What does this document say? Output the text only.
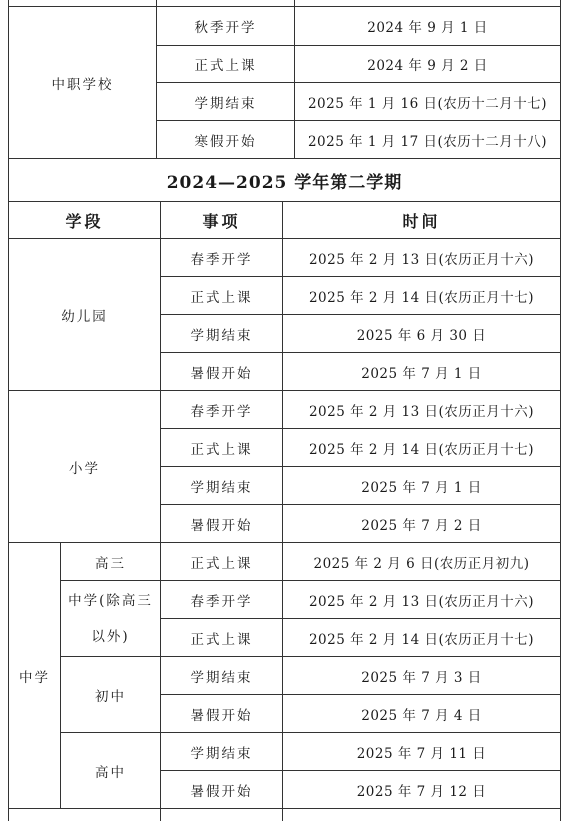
中职学校	秋季开学	2024 年 9 月 1 日
	正式上课	2024 年 9 月 2 日
	学期结束	2025 年 1 月 16 日(农历十二月十七)
	寒假开始	2025 年 1 月 17 日(农历十二月十八)
2024—2025 学年第二学期			
学段		事项	时间
幼儿园		春季开学	2025 年 2 月 13 日(农历正月十六)
		正式上课	2025 年 2 月 14 日(农历正月十七)
		学期结束	2025 年 6 月 30 日
		暑假开始	2025 年 7 月 1 日
小学		春季开学	2025 年 2 月 13 日(农历正月十六)
		正式上课	2025 年 2 月 14 日(农历正月十七)
		学期结束	2025 年 7 月 1 日
		暑假开始	2025 年 7 月 2 日
中学	高三	正式上课	2025 年 2 月 6 日(农历正月初九)
	中学(除高三以外)	春季开学	2025 年 2 月 13 日(农历正月十六)
		正式上课	2025 年 2 月 14 日(农历正月十七)
	初中	学期结束	2025 年 7 月 3 日
		暑假开始	2025 年 7 月 4 日
	高中	学期结束	2025 年 7 月 11 日
		暑假开始	2025 年 7 月 12 日
